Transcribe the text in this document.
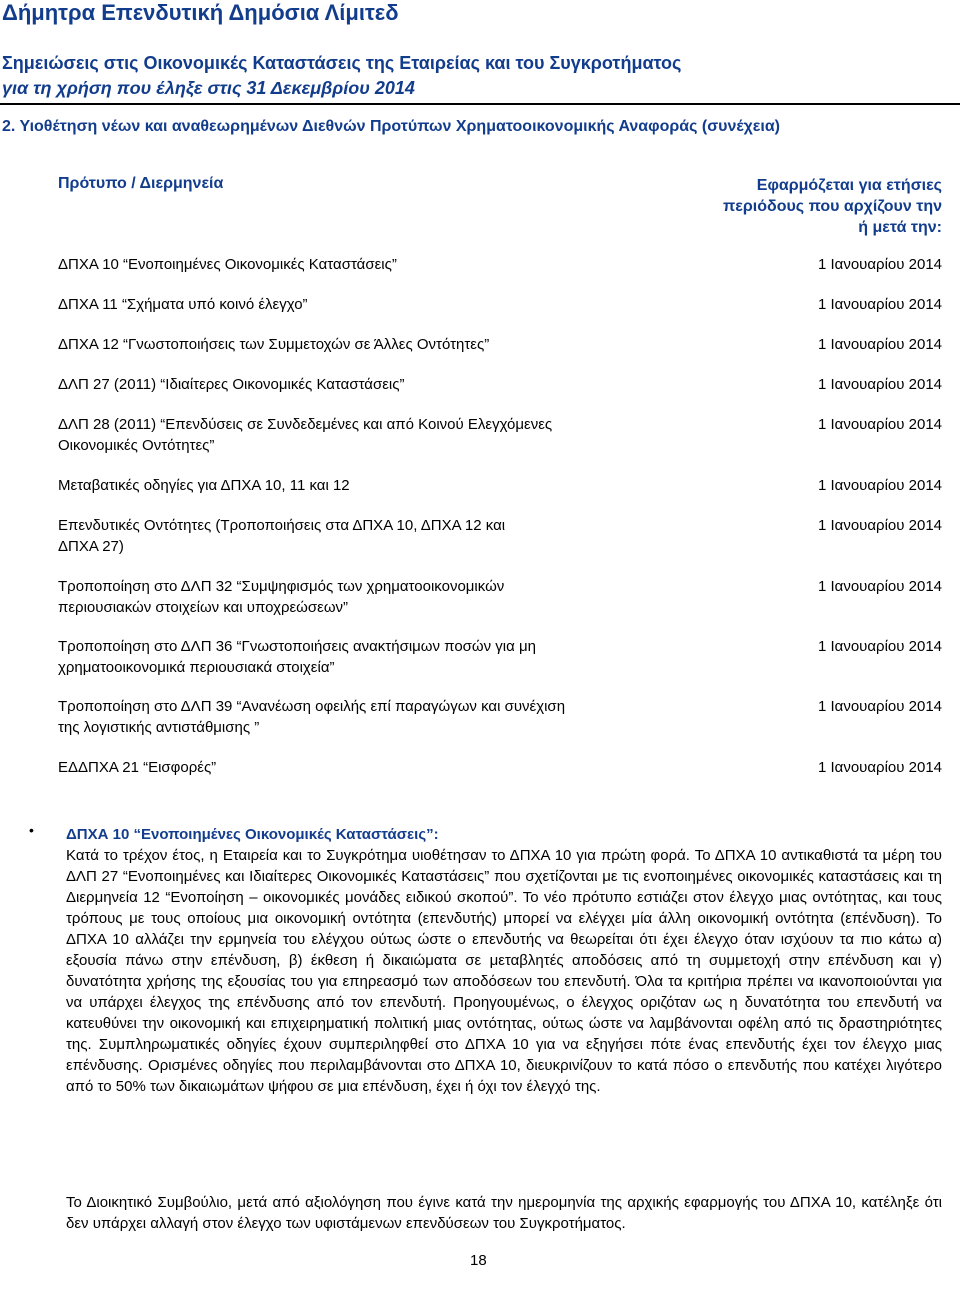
Δήμητρα Επενδυτική Δημόσια Λίμιτεδ
Σημειώσεις στις Οικονομικές Καταστάσεις της Εταιρείας και του Συγκροτήματος
για τη χρήση που έληξε στις 31 Δεκεμβρίου 2014
2. Υιοθέτηση νέων και αναθεωρημένων Διεθνών Προτύπων Χρηματοοικονομικής Αναφοράς (συνέχεια)
Πρότυπο / Διερμηνεία	Εφαρμόζεται για ετήσιες
περιόδους που αρχίζουν την
ή μετά την:
ΔΠΧΑ 10 “Ενοποιημένες Οικονομικές Καταστάσεις”	1 Ιανουαρίου 2014
ΔΠΧΑ 11 “Σχήματα υπό κοινό έλεγχο”	1 Ιανουαρίου 2014
ΔΠΧΑ 12 “Γνωστοποιήσεις των Συμμετοχών σε Άλλες Οντότητες”	1 Ιανουαρίου 2014
ΔΛΠ 27 (2011) “Ιδιαίτερες Οικονομικές Καταστάσεις”	1 Ιανουαρίου 2014
ΔΛΠ 28 (2011) “Επενδύσεις σε Συνδεδεμένες και από Κοινού Ελεγχόμενες
Οικονομικές Οντότητες”
1 Ιανουαρίου 2014
Μεταβατικές οδηγίες για ΔΠΧΑ 10, 11 και 12	1 Ιανουαρίου 2014
Επενδυτικές Οντότητες (Τροποποιήσεις στα ΔΠΧΑ 10, ΔΠΧΑ 12 και
ΔΠΧΑ 27)
1 Ιανουαρίου 2014
Τροποποίηση στο ΔΛΠ 32 “Συμψηφισμός των χρηματοοικονομικών
περιουσιακών στοιχείων και υποχρεώσεων”
1 Ιανουαρίου 2014
Τροποποίηση στο ΔΛΠ 36 “Γνωστοποιήσεις ανακτήσιμων ποσών για μη
χρηματοοικονομικά περιουσιακά στοιχεία”
1 Ιανουαρίου 2014
Τροποποίηση στο ΔΛΠ 39 “Ανανέωση οφειλής επί παραγώγων και συνέχιση
της λογιστικής αντιστάθμισης ”
1 Ιανουαρίου 2014
ΕΔΔΠΧΑ 21 “Εισφορές”	1 Ιανουαρίου 2014
• ΔΠΧΑ 10 “Ενοποιημένες Οικονομικές Καταστάσεις”:
Κατά το τρέχον έτος, η Εταιρεία και το Συγκρότημα υιοθέτησαν το ΔΠΧΑ 10 για πρώτη φορά. Το ΔΠΧΑ 10 αντικαθιστά τα μέρη του ΔΛΠ 27 “Ενοποιημένες και Ιδιαίτερες Οικονομικές Καταστάσεις” που σχετίζονται με τις ενοποιημένες οικονομικές καταστάσεις και τη Διερμηνεία 12 “Ενοποίηση – οικονομικές μονάδες ειδικού σκοπού”. Το νέο πρότυπο εστιάζει στον έλεγχο μιας οντότητας, και τους τρόπους με τους οποίους μια οικονομική οντότητα (επενδυτής) μπορεί να ελέγχει μία άλλη οικονομική οντότητα (επένδυση). Το ΔΠΧΑ 10 αλλάζει την ερμηνεία του ελέγχου ούτως ώστε ο επενδυτής να θεωρείται ότι έχει έλεγχο όταν ισχύουν τα πιο κάτω α) εξουσία πάνω στην επένδυση, β) έκθεση ή δικαιώματα σε μεταβλητές αποδόσεις από τη συμμετοχή στην επένδυση και γ) δυνατότητα χρήσης της εξουσίας του για επηρεασμό των αποδόσεων του επενδυτή. Όλα τα κριτήρια πρέπει να ικανοποιούνται για να υπάρχει έλεγχος της επένδυσης από τον επενδυτή. Προηγουμένως, ο έλεγχος οριζόταν ως η δυνατότητα του επενδυτή να κατευθύνει την οικονομική και επιχειρηματική πολιτική μιας οντότητας, ούτως ώστε να λαμβάνονται οφέλη από τις δραστηριότητες της. Συμπληρωματικές οδηγίες έχουν συμπεριληφθεί στο ΔΠΧΑ 10 για να εξηγήσει πότε ένας επενδυτής έχει τον έλεγχο μιας επένδυσης. Ορισμένες οδηγίες που περιλαμβάνονται στο ΔΠΧΑ 10, διευκρινίζουν το κατά πόσο ο επενδυτής που κατέχει λιγότερο από το 50% των δικαιωμάτων ψήφου σε μια επένδυση, έχει ή όχι τον έλεγχό της.
Το Διοικητικό Συμβούλιο, μετά από αξιολόγηση που έγινε κατά την ημερομηνία της αρχικής εφαρμογής του ΔΠΧΑ 10, κατέληξε ότι δεν υπάρχει αλλαγή στον έλεγχο των υφιστάμενων επενδύσεων του Συγκροτήματος.
18
